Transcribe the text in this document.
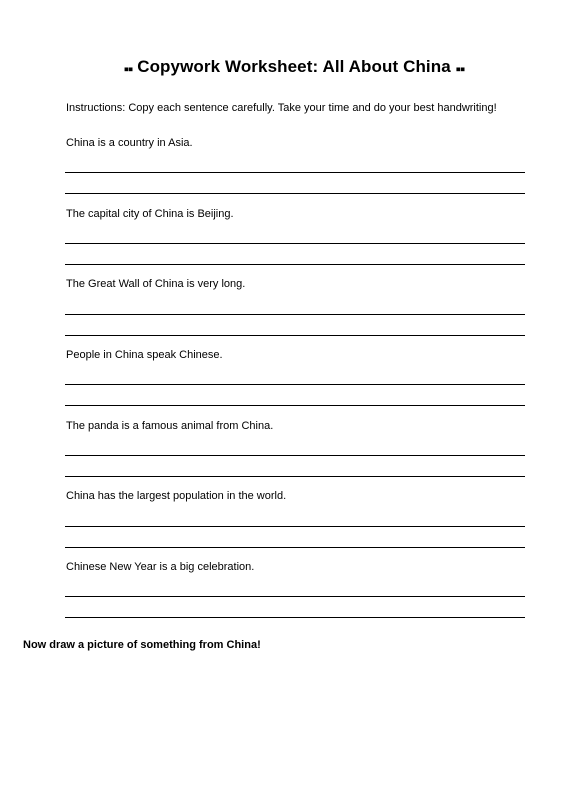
▪▪ Copywork Worksheet: All About China ▪▪
Instructions: Copy each sentence carefully. Take your time and do your best handwriting!
China is a country in Asia.
The capital city of China is Beijing.
The Great Wall of China is very long.
People in China speak Chinese.
The panda is a famous animal from China.
China has the largest population in the world.
Chinese New Year is a big celebration.
Now draw a picture of something from China!
